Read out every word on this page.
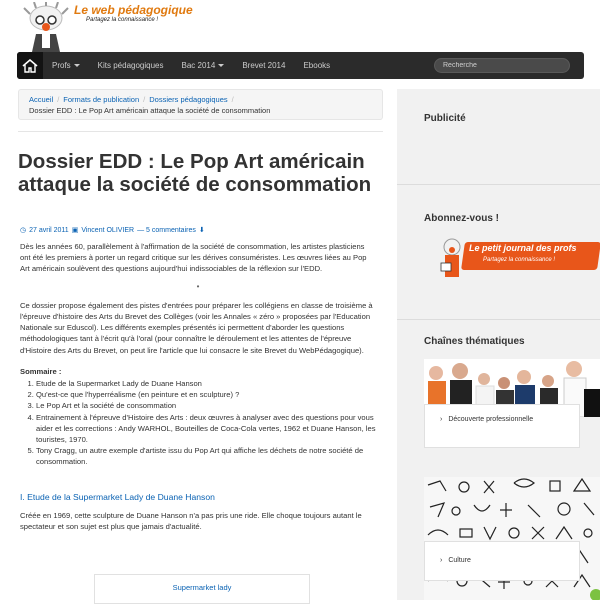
Le web pédagogique
Partagez la connaissance !
Profs	Kits pédagogiques	Bac 2014	Brevet 2014	Ebooks
Recherche
Accueil / Formats de publication / Dossiers pédagogiques /
Dossier EDD : Le Pop Art américain attaque la société de consommation
Dossier EDD : Le Pop Art américain attaque la société de consommation
◷ 27 avril 2011 ▣ Vincent OLIVIER — 5 commentaires ⬇

Dès les années 60, parallèlement à l'affirmation de la société de consommation, les artistes plasticiens ont été les premiers à porter un regard critique sur les dérives consuméristes. Les œuvres liées au Pop Art américain soulèvent des questions aujourd'hui indissociables de la réflexion sur l'EDD.

•

Ce dossier propose également des pistes d'entrées pour préparer les collégiens en classe de troisième à l'épreuve d'histoire des Arts du Brevet des Collèges (voir les Annales « zéro » proposées par l'Education Nationale sur Eduscol). Les différents exemples présentés ici permettent d'aborder les questions méthodologiques tant à l'écrit qu'à l'oral (pour connaître le déroulement et les attentes de l'épreuve d'Histoire des Arts du Brevet, on peut lire l'article que lui consacre le site Brevet du WebPédagogique).

Sommaire :
1. Etude de la Supermarket Lady de Duane Hanson
2. Qu'est-ce que l'hyperréalisme (en peinture et en sculpture) ?
3. Le Pop Art et la société de consommation
4. Entrainement à l'épreuve d'Histoire des Arts : deux œuvres à analyser avec des questions pour vous aider et les corrections : Andy WARHOL, Bouteilles de Coca-Cola vertes, 1962 et Duane Hanson, les touristes, 1970.
5. Tony Cragg, un autre exemple d'artiste issu du Pop Art qui affiche les déchets de notre société de consommation.
I. Etude de la Supermarket Lady de Duane Hanson

Créée en 1969, cette sculpture de Duane Hanson n'a pas pris une ride. Elle choque toujours autant le spectateur et son sujet est plus que jamais d'actualité.

Supermarket lady
Publicité
Abonnez-vous !
Le petit journal des profs
Partagez la connaissance !
Chaînes thématiques
› Découverte professionnelle
› Culture
